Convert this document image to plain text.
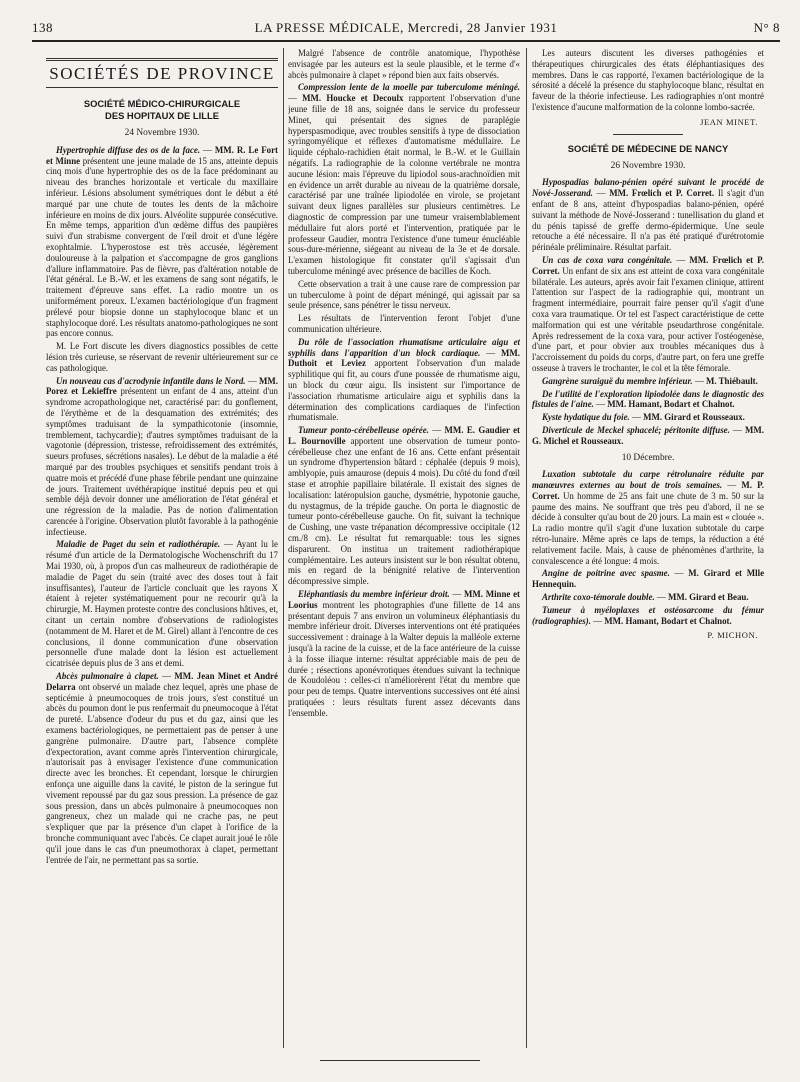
138	LA PRESSE MÉDICALE, Mercredi, 28 Janvier 1931	N° 8
SOCIÉTÉS DE PROVINCE
SOCIÉTÉ MÉDICO-CHIRURGICALE
DES HOPITAUX DE LILLE
24 Novembre 1930.

Hypertrophie diffuse des os de la face. — MM. R. Le Fort et Minne présentent une jeune malade de 15 ans, atteinte depuis cinq mois d'une hypertrophie des os de la face prédominant au niveau des branches horizontale et verticale du maxillaire inférieur. Lésions absolument symétriques dont le début a été marqué par une chute de toutes les dents de la mâchoire inférieure en moins de dix jours. Alvéolite suppurée consécutive. En même temps, apparition d'un œdème diffus des paupières suivi d'un strabisme convergent de l'œil droit et d'une légère exophtalmie. L'hyperostose est très accusée, légèrement douloureuse à la palpation et s'accompagne de gros ganglions d'allure inflammatoire. Pas de fièvre, pas d'altération notable de l'état général. Le B.-W. et les examens de sang sont négatifs, le traitement d'épreuve sans effet. La radio montre un os uniformément poreux. L'examen bactériologique d'un fragment prélevé pour biopsie donne un staphylocoque blanc et un staphylocoque doré. Les résultats anatomo-pathologiques ne sont pas encore connus.

M. Le Fort discute les divers diagnostics possibles de cette lésion très curieuse, se réservant de revenir ultérieurement sur ce cas pathologique.

Un nouveau cas d'acrodynie infantile dans le Nord. — MM. Porez et Lekieffre présentent un enfant de 4 ans, atteint d'un syndrome acropathologique net, caractérisé par: du gonflement, de l'érythème et de la desquamation des extrémités; des symptômes traduisant de la sympathicotonie (insomnie, tremblement, tachycardie); d'autres symptômes traduisant de la vagotonie (dépression, tristesse, refroidissement des extrémités, sueurs profuses, sécrétions nasales). Le début de la maladie a été marqué par des troubles psychiques et sensitifs pendant trois à quatre mois et précédé d'une phase fébrile pendant une quinzaine de jours. Traitement uvéthérapique institué depuis peu et qui semble déjà devoir donner une amélioration de l'état général et une régression de la maladie. Pas de notion d'alimentation carencée à l'origine. Observation plutôt favorable à la pathogénie infectieuse.

Maladie de Paget du sein et radiothérapie. — Ayant lu le résumé d'un article de la Dermatologische Wochenschrift du 17 Mai 1930, où, à propos d'un cas malheureux de radiothérapie de maladie de Paget du sein (traité avec des doses tout à fait insuffisantes), l'auteur de l'article concluait que les rayons X étaient à rejeter systématiquement pour ne recourir qu'à la chirurgie, M. Haymen proteste contre des conclusions hâtives, et, citant un certain nombre d'observations de radiologistes (notamment de M. Haret et de M. Girel) allant à l'encontre de ces conclusions, il donne communication d'une observation personnelle d'une malade dont la lésion est actuellement cicatrisée depuis plus de 3 ans et demi.

Abcès pulmonaire à clapet. — MM. Jean Minet et André Delarra ont observé un malade chez lequel, après une phase de septicémie à pneumocoques de trois jours, s'est constitué un abcès du poumon dont le pus renfermait du pneumocoque à l'état de pureté. L'absence d'odeur du pus et du gaz, ainsi que les examens bactériologiques, ne permettaient pas de penser à une gangrène pulmonaire. D'autre part, l'absence complète d'expectoration, avant comme après l'intervention chirurgicale, n'autorisait pas à envisager l'existence d'une communication directe avec les bronches. Et cependant, lorsque le chirurgien enfonça une aiguille dans la cavité, le piston de la seringue fut vivement repoussé par du gaz sous pression. La présence de gaz sous pression, dans un abcès pulmonaire à pneumocoques non gangreneux, chez un malade qui ne crache pas, ne peut s'expliquer que par la présence d'un clapet à l'orifice de la bronche communiquant avec l'abcès. Ce clapet aurait joué le rôle qu'il joue dans le cas d'un pneumothorax à clapet, permettant l'entrée de l'air, ne permettant pas sa sortie.

Malgré l'absence de contrôle anatomique, l'hypothèse envisagée par les auteurs est la seule plausible, et le terme d'« abcès pulmonaire à clapet » répond bien aux faits observés.

Compression lente de la moelle par tuberculome méningé. — MM. Houcke et Decoulx rapportent l'observation d'une jeune fille de 18 ans, soignée dans le service du professeur Minet, qui présentait des signes de paraplégie hyperspasmodique, avec troubles sensitifs à type de dissociation syringomyélique et réflexes d'automatisme médullaire. Le liquide céphalo-rachidien était normal, le B.-W. et le Guillain négatifs. La radiographie de la colonne vertébrale ne montra aucune lésion: mais l'épreuve du lipiodol sous-arachnoïdien mit en évidence un arrêt durable au niveau de la quatrième dorsale, caractérisé par une traînée lipiodolée en virole, se projetant suivant deux lignes parallèles sur plusieurs centimètres. Le diagnostic de compression par une tumeur vraisemblablement médullaire fut alors porté et l'intervention, pratiquée par le professeur Gaudier, montra l'existence d'une tumeur énucléable sous-dure-mérienne, siégeant au niveau de la 3e et 4e dorsale. L'examen histologique fit constater qu'il s'agissait d'un tuberculome méningé avec présence de bacilles de Koch.

Cette observation a trait à une cause rare de compression par un tuberculome à point de départ méningé, qui agissait par sa seule présence, sans pénétrer le tissu nerveux.

Les résultats de l'intervention feront l'objet d'une communication ultérieure.

Du rôle de l'association rhumatisme articulaire aigu et syphilis dans l'apparition d'un block cardiaque. — MM. Duthoit et Leviez apportent l'observation d'un malade syphilitique qui fit, au cours d'une poussée de rhumatisme aigu, un block du cœur aigu. Ils insistent sur l'importance de l'association rhumatisme articulaire aigu et syphilis dans la détermination des complications cardiaques de l'infection rhumatismale.

Tumeur ponto-cérébelleuse opérée. — MM. E. Gaudier et L. Bournoville apportent une observation de tumeur ponto-cérébelleuse chez une enfant de 16 ans. Cette enfant présentait un syndrome d'hypertension bâtard : céphalée (depuis 9 mois), amblyopie, puis amaurose (depuis 4 mois). Du côté du fond d'œil stase et atrophie papillaire bilatérale. Il existait des signes de localisation: latéropulsion gauche, dysmétrie, hypotonie gauche, du nystagmus, de la trépide gauche. On porta le diagnostic de tumeur ponto-cérébelleuse gauche. On fit, suivant la technique de Cushing, une vaste trépanation décompressive occipitale (12 cm./8 cm). Le résultat fut remarquable: tous les signes disparurent. On institua un traitement radiothérapique complémentaire. Les auteurs insistent sur le bon résultat obtenu, mis en regard de la bénignité relative de l'intervention décompressive simple.

Eléphantiasis du membre inférieur droit. — MM. Minne et Loorius montrent les photographies d'une fillette de 14 ans présentant depuis 7 ans environ un volumineux éléphantiasis du membre inférieur droit. Diverses interventions ont été pratiquées successivement : drainage à la Walter depuis la malléole externe jusqu'à la racine de la cuisse, et de la face antérieure de la cuisse à la fosse iliaque interne: résultat appréciable mais de peu de durée ; résections aponévrotiques étendues suivant la technique de Koudoléou : celles-ci n'améliorèrent l'état du membre que pour peu de temps. Quatre interventions successives ont été ainsi pratiquées : leurs résultats furent assez décevants dans l'ensemble.

Les auteurs discutent les diverses pathogénies et thérapeutiques chirurgicales des états éléphantiasiques des membres. Dans le cas rapporté, l'examen bactériologique de la sérosité a décelé la présence du staphylocoque blanc, résultat en faveur de la théorie infectieuse. Les radiographies n'ont montré l'existence d'aucune malformation de la colonne lombo-sacrée.

JEAN MINET.
SOCIÉTÉ DE MÉDECINE DE NANCY
26 Novembre 1930.

Hypospadias balano-pénien opéré suivant le procédé de Nové-Josserand. — MM. Frœlich et P. Corret. Il s'agit d'un enfant de 8 ans, atteint d'hypospadias balano-pénien, opéré suivant la méthode de Nové-Josserand : tunellisation du gland et du pénis tapissé de greffe dermo-épidermique. Une seule retouche a été nécessaire. Il n'a pas été pratiqué d'urétrotomie périnéale préliminaire. Résultat parfait.

Un cas de coxa vara congénitale. — MM. Frœlich et P. Corret. Un enfant de six ans est atteint de coxa vara congénitale bilatérale. Les auteurs, après avoir fait l'examen clinique, attirent l'attention sur l'aspect de la radiographie qui, montrant un fragment intermédiaire, pourrait faire penser qu'il s'agit d'une coxa vara traumatique. Or tel est l'aspect caractéristique de cette malformation qui est une véritable pseudarthrose congénitale. Après redressement de la coxa vara, pour activer l'ostéogenèse, d'une part, et pour obvier aux troubles mécaniques dus à l'accroissement du poids du corps, d'autre part, on fera une greffe osseuse à travers le trochanter, le col et la tête fémorale.

Gangrène suraiguë du membre inférieur. — M. Thiébault.

De l'utilité de l'exploration lipiodolée dans le diagnostic des fistules de l'aine. — MM. Hamant, Bodart et Chalnot.

Kyste hydatique du foie. — MM. Girard et Rousseaux.

Diverticule de Meckel sphacelé; péritonite diffuse. — MM. G. Michel et Rousseaux.

10 Décembre.

Luxation subtotale du carpe rétrolunaire réduite par manœuvres externes au bout de trois semaines. — M. P. Corret. Un homme de 25 ans fait une chute de 3 m. 50 sur la paume des mains. Ne souffrant que très peu d'abord, il ne se décide à consulter qu'au bout de 20 jours. La main est « clouée ». La radio montre qu'il s'agit d'une luxation subtotale du carpe rétro-lunaire. Même après ce laps de temps, la réduction a été relativement facile. Mais, à cause de phénomènes d'arthrite, la convalescence a été longue: 4 mois.

Angine de poitrine avec spasme. — M. Girard et Mlle Hennequin.

Arthrite coxo-témorale double. — MM. Girard et Beau.

Tumeur à myéloplaxes et ostéosarcome du fémur (radiographies). — MM. Hamant, Bodart et Chalnot.

P. MICHON.
